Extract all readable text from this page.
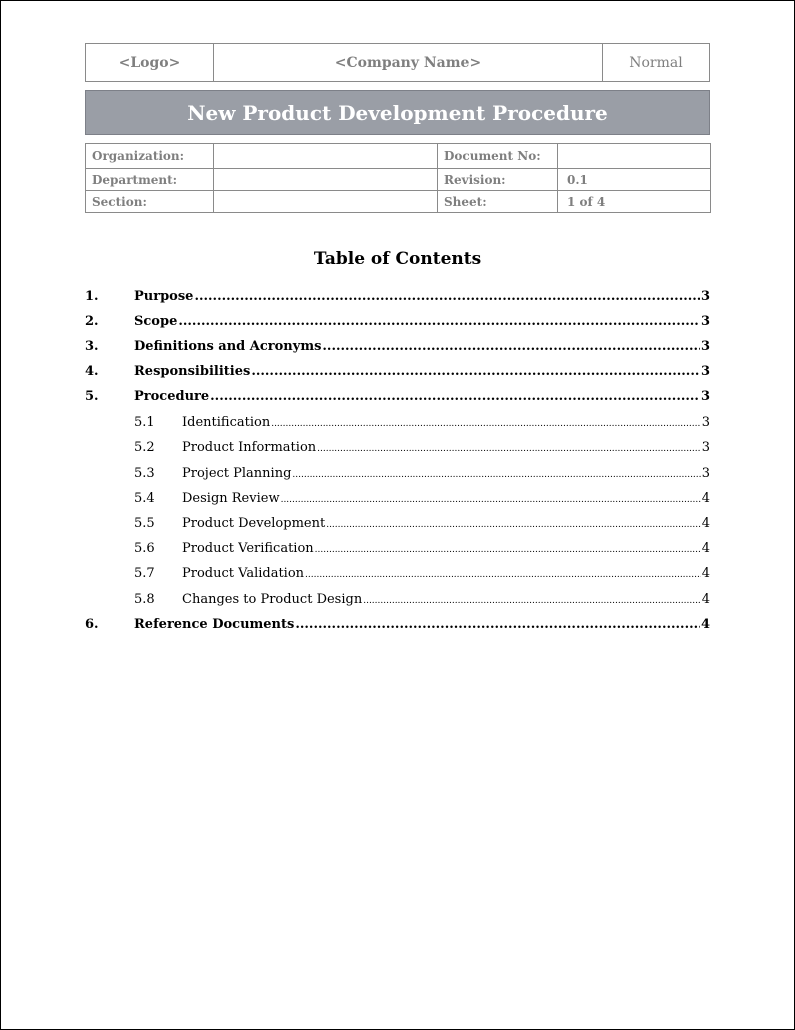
<Logo>	<Company Name>	Normal
New Product Development Procedure
Organization:		Document No:	
Department:		Revision:	0.1
Section:		Sheet:	1 of 4
Table of Contents
1.	Purpose .....	3
2.	Scope .....	3
3.	Definitions and Acronyms .....	3
4.	Responsibilities .....	3
5.	Procedure .....	3
5.1	Identification .....	3
5.2	Product Information .....	3
5.3	Project Planning .....	3
5.4	Design Review .....	4
5.5	Product Development .....	4
5.6	Product Verification .....	4
5.7	Product Validation .....	4
5.8	Changes to Product Design .....	4
6.	Reference Documents .....	4
